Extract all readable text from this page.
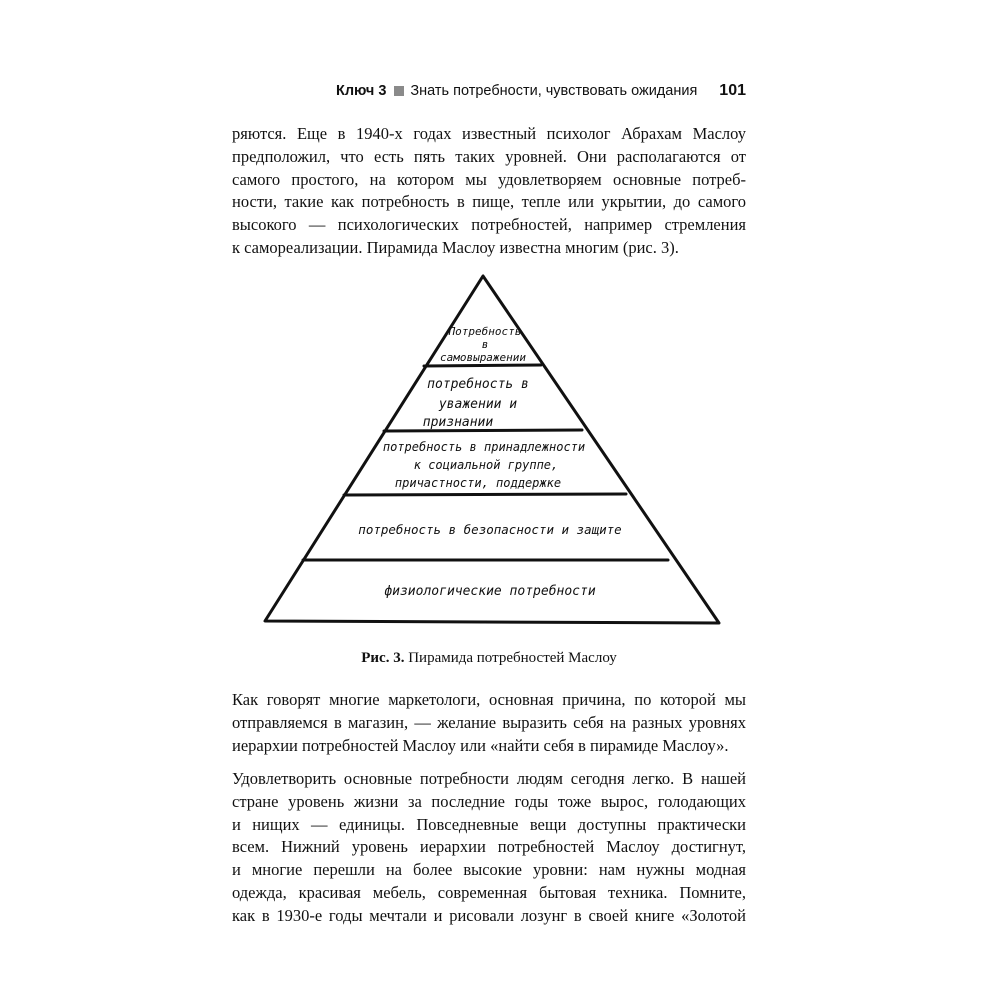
Ключ 3 Знать потребности, чувствовать ожидания 101
ряются. Еще в 1940-х годах известный психолог Абрахам Маслоу
предположил, что есть пять таких уровней. Они располагаются от
самого простого, на котором мы удовлетворяем основные потреб-
ности, такие как потребность в пище, тепле или укрытии, до самого
высокого — психологических потребностей, например стремления
к самореализации. Пирамида Маслоу известна многим (рис. 3).
Потребность
в
самовыражении
потребность в
уважении и
признании
потребность в принадлежности
к социальной группе,
причастности, поддержке
потребность в безопасности и защите
физиологические потребности
Рис. 3. Пирамида потребностей Маслоу
Как говорят многие маркетологи, основная причина, по которой мы
отправляемся в магазин, — желание выразить себя на разных уровнях
иерархии потребностей Маслоу или «найти себя в пирамиде Маслоу».
Удовлетворить основные потребности людям сегодня легко. В нашей
стране уровень жизни за последние годы тоже вырос, голодающих
и нищих — единицы. Повседневные вещи доступны практически
всем. Нижний уровень иерархии потребностей Маслоу достигнут,
и многие перешли на более высокие уровни: нам нужны модная
одежда, красивая мебель, современная бытовая техника. Помните,
как в 1930-е годы мечтали и рисовали лозунг в своей книге «Золотой
